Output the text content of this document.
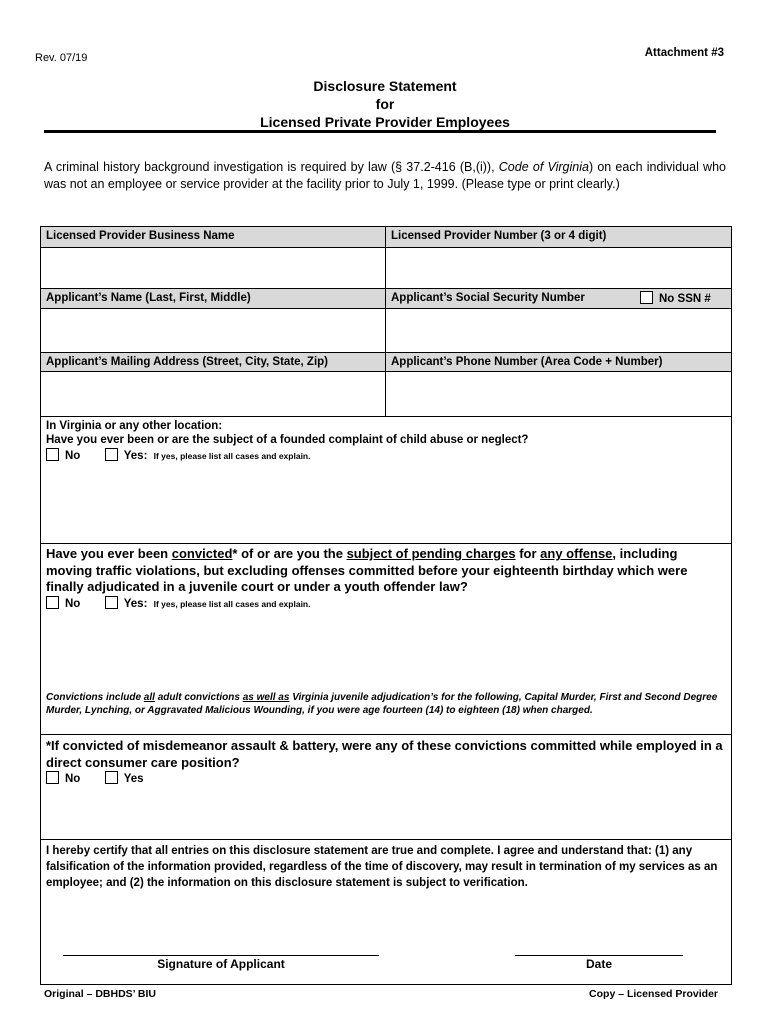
Rev. 07/19	Attachment #3
Disclosure Statement
for
Licensed Private Provider Employees
A criminal history background investigation is required by law (§ 37.2-416 (B,(i)), Code of Virginia) on each individual who was not an employee or service provider at the facility prior to July 1, 1999. (Please type or print clearly.)
Licensed Provider Business Name	Licensed Provider Number (3 or 4 digit)
Applicant’s Name (Last, First, Middle)	Applicant’s Social Security Number	No SSN #
Applicant’s Mailing Address (Street, City, State, Zip)	Applicant’s Phone Number (Area Code + Number)
In Virginia or any other location:
Have you ever been or are the subject of a founded complaint of child abuse or neglect?
No	Yes: If yes, please list all cases and explain.
Have you ever been convicted* of or are you the subject of pending charges for any offense, including moving traffic violations, but excluding offenses committed before your eighteenth birthday which were finally adjudicated in a juvenile court or under a youth offender law?
No	Yes: If yes, please list all cases and explain.
Convictions include all adult convictions as well as Virginia juvenile adjudication’s for the following, Capital Murder, First and Second Degree Murder, Lynching, or Aggravated Malicious Wounding, if you were age fourteen (14) to eighteen (18) when charged.
*If convicted of misdemeanor assault & battery, were any of these convictions committed while employed in a direct consumer care position?
No	Yes
I hereby certify that all entries on this disclosure statement are true and complete. I agree and understand that: (1) any falsification of the information provided, regardless of the time of discovery, may result in termination of my services as an employee; and (2) the information on this disclosure statement is subject to verification.
Signature of Applicant	Date
Original – DBHDS’ BIU	Copy – Licensed Provider
